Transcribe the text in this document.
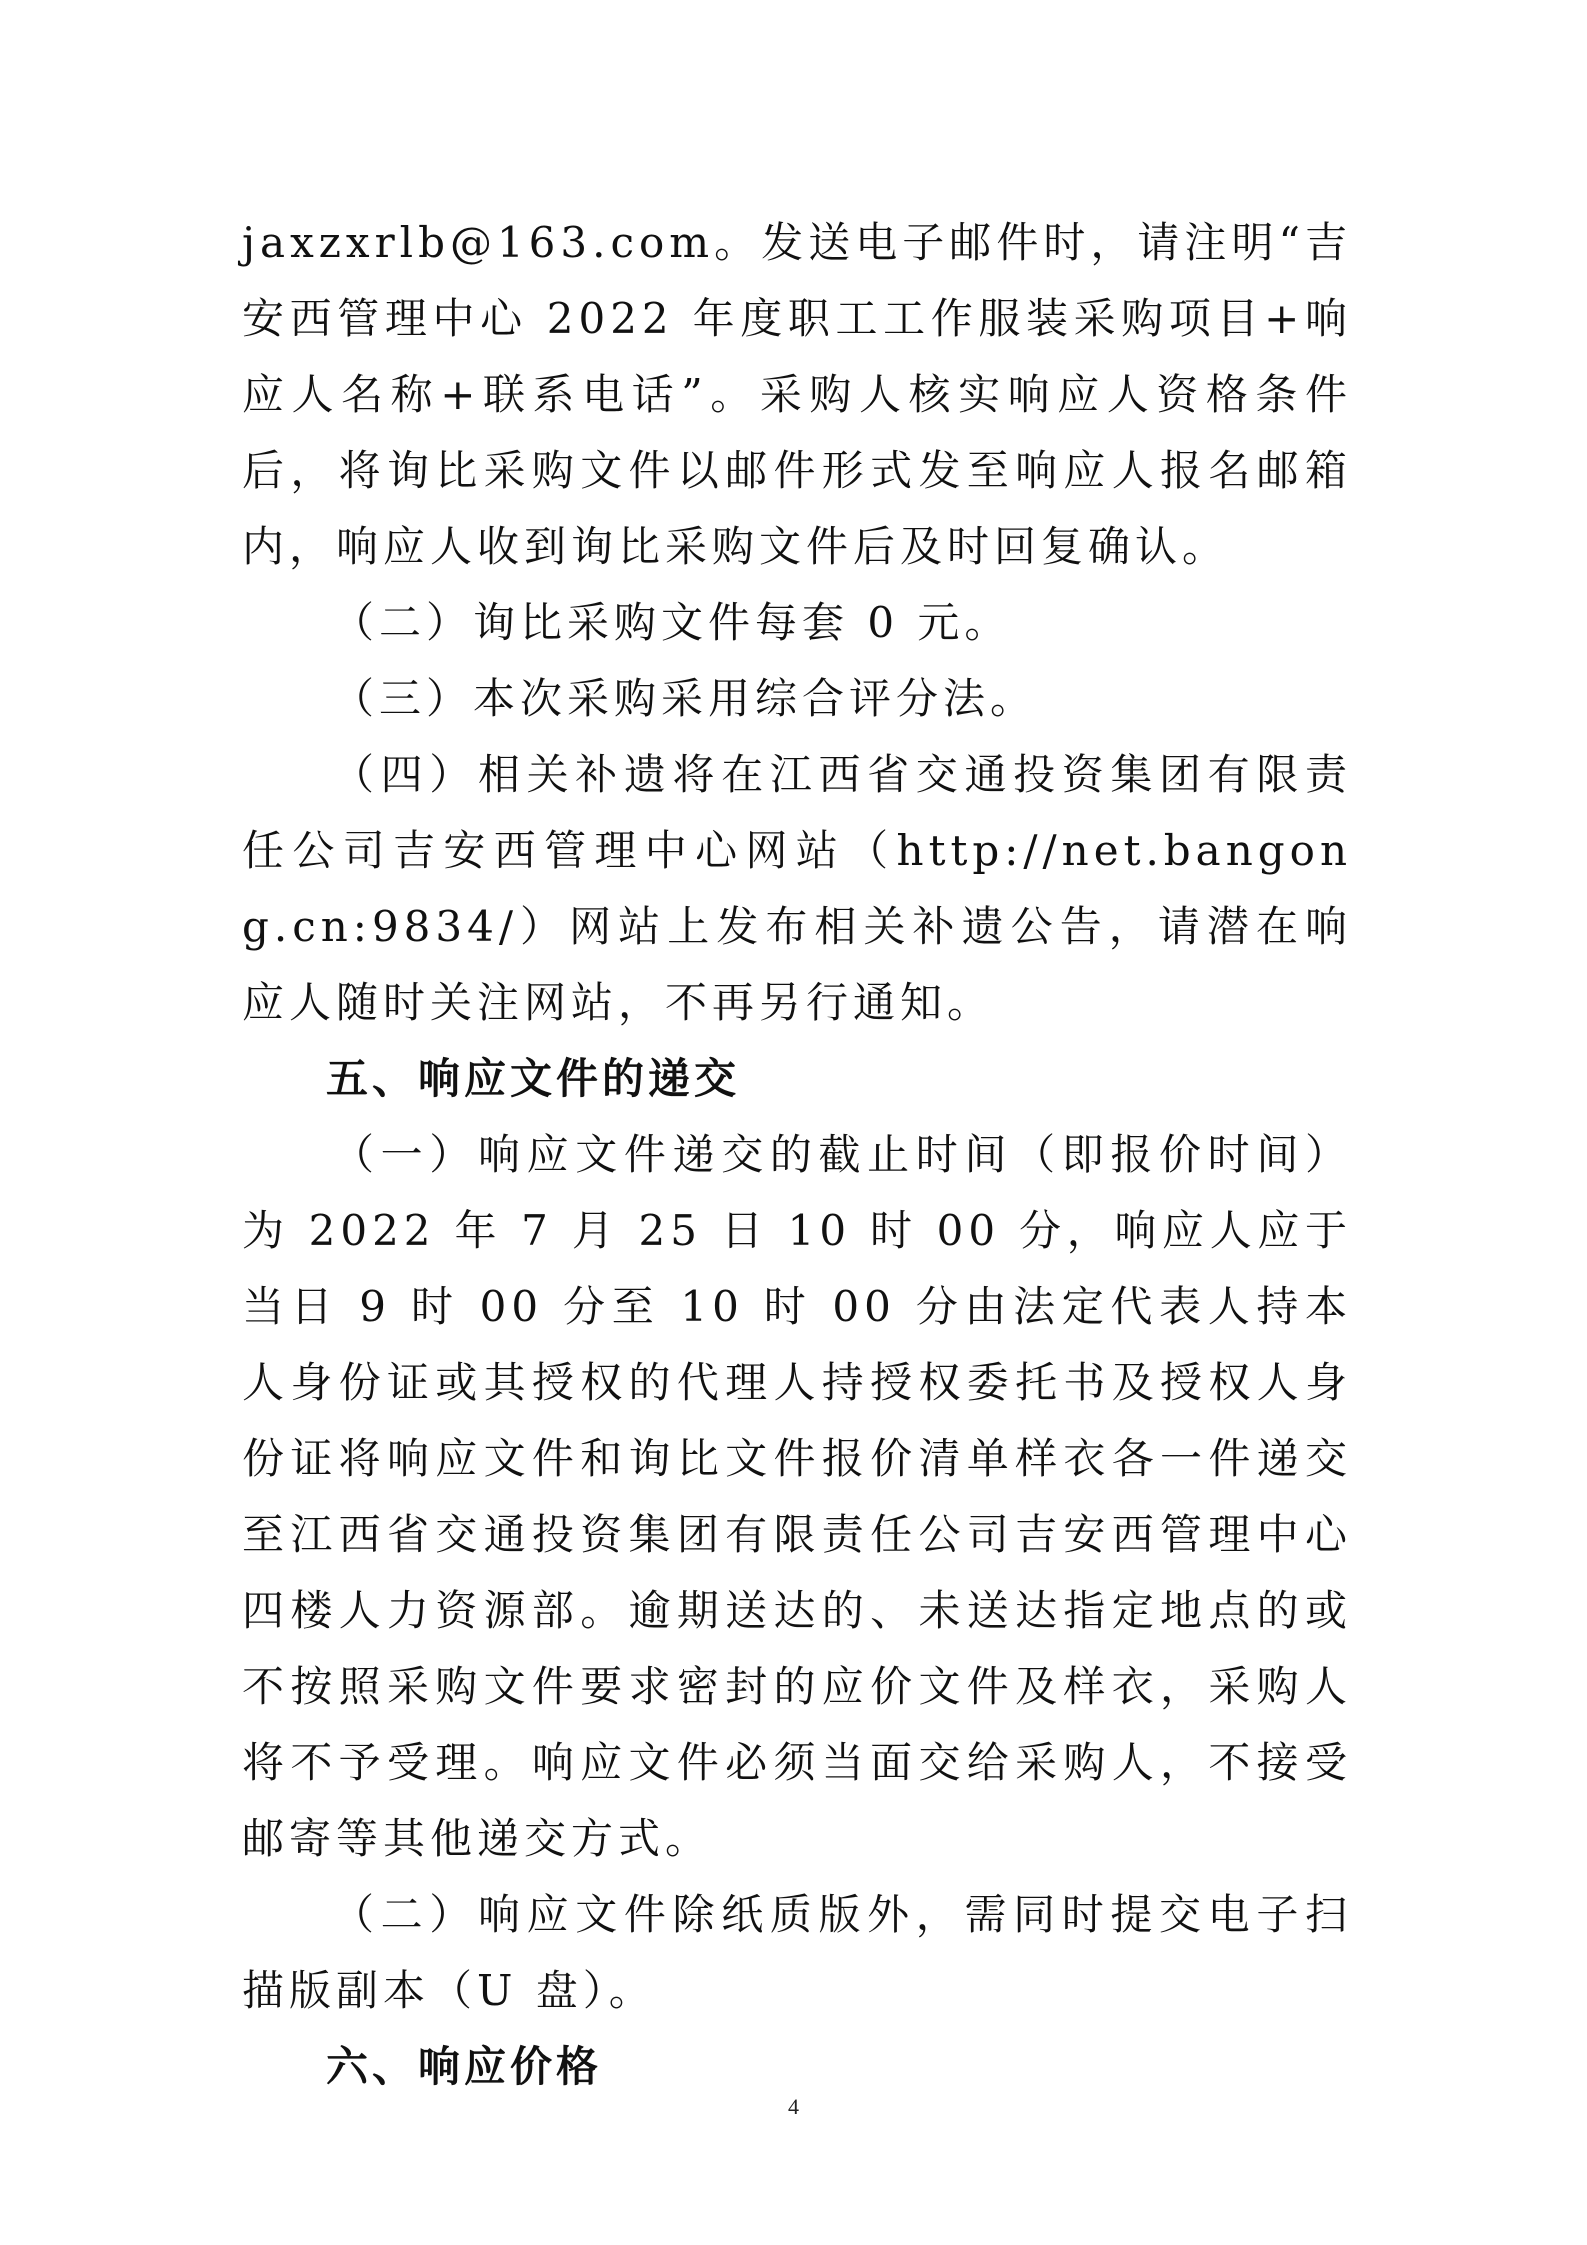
jaxzxrlb@163.com。发送电子邮件时，请注明“吉安西管理中心 2022 年度职工工作服装采购项目+响应人名称+联系电话”。采购人核实响应人资格条件后，将询比采购文件以邮件形式发至响应人报名邮箱内，响应人收到询比采购文件后及时回复确认。

（二）询比采购文件每套 0 元。

（三）本次采购采用综合评分法。

（四）相关补遗将在江西省交通投资集团有限责任公司吉安西管理中心网站（http://net.bangong.cn:9834/）网站上发布相关补遗公告，请潜在响应人随时关注网站，不再另行通知。

五、响应文件的递交

（一）响应文件递交的截止时间（即报价时间）为 2022 年 7 月 25 日 10 时 00 分，响应人应于当日 9 时 00 分至 10 时 00 分由法定代表人持本人身份证或其授权的代理人持授权委托书及授权人身份证将响应文件和询比文件报价清单样衣各一件递交至江西省交通投资集团有限责任公司吉安西管理中心四楼人力资源部。逾期送达的、未送达指定地点的或不按照采购文件要求密封的应价文件及样衣，采购人将不予受理。响应文件必须当面交给采购人，不接受邮寄等其他递交方式。

（二）响应文件除纸质版外，需同时提交电子扫描版副本（U 盘）。

六、响应价格
4
